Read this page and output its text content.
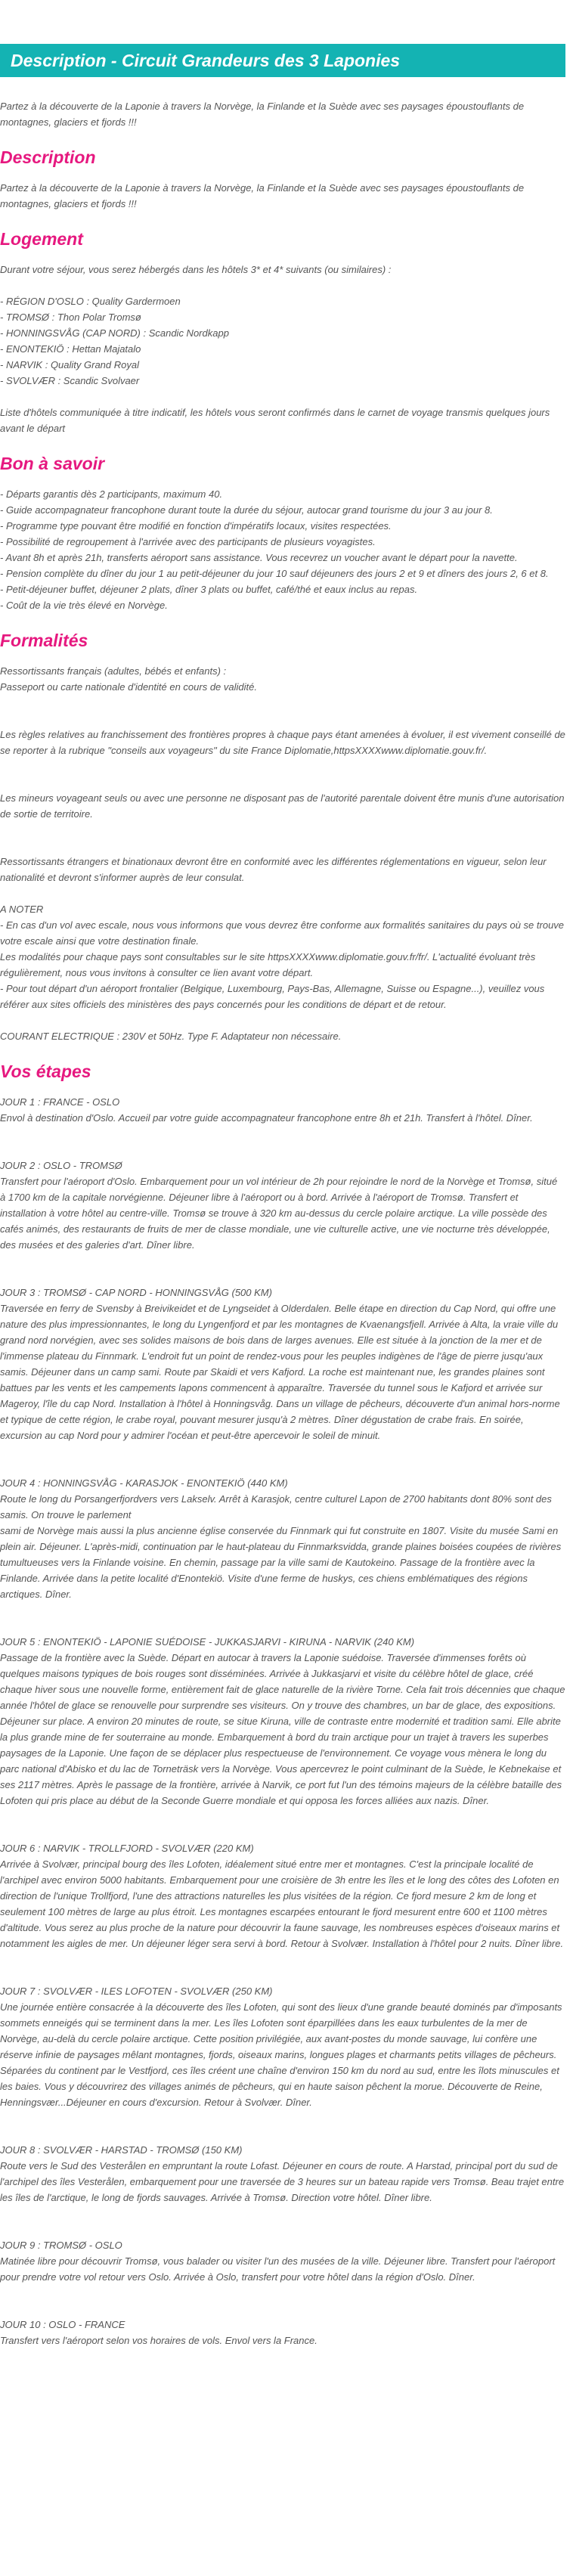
Description - Circuit Grandeurs des 3 Laponies

Partez à la découverte de la Laponie à travers la Norvège, la Finlande et la Suède avec ses paysages époustouflants de montagnes, glaciers et fjords !!!

Description

Partez à la découverte de la Laponie à travers la Norvège, la Finlande et la Suède avec ses paysages époustouflants de montagnes, glaciers et fjords !!!

Logement

Durant votre séjour, vous serez hébergés dans les hôtels 3* et 4* suivants (ou similaires) :

- RÉGION D'OSLO : Quality Gardermoen
- TROMSØ : Thon Polar Tromsø
- HONNINGSVÅG (CAP NORD) : Scandic Nordkapp
- ENONTEKIÖ : Hettan Majatalo
- NARVIK : Quality Grand Royal
- SVOLVÆR : Scandic Svolvaer

Liste d'hôtels communiquée à titre indicatif, les hôtels vous seront confirmés dans le carnet de voyage transmis quelques jours avant le départ

Bon à savoir
- Départs garantis dès 2 participants, maximum 40.
- Guide accompagnateur francophone durant toute la durée du séjour, autocar grand tourisme du jour 3 au jour 8.
- Programme type pouvant être modifié en fonction d'impératifs locaux, visites respectées.
- Possibilité de regroupement à l'arrivée avec des participants de plusieurs voyagistes.
- Avant 8h et après 21h, transferts aéroport sans assistance. Vous recevrez un voucher avant le départ pour la navette.
- Pension complète du dîner du jour 1 au petit-déjeuner du jour 10 sauf déjeuners des jours 2 et 9 et dîners des jours 2, 6 et 8.
- Petit-déjeuner buffet, déjeuner 2 plats, dîner 3 plats ou buffet, café/thé et eaux inclus au repas.
- Coût de la vie très élevé en Norvège.
Formalités

Ressortissants français (adultes, bébés et enfants) :

Passeport ou carte nationale d'identité en cours de validité.

Les règles relatives au franchissement des frontières propres à chaque pays étant amenées à évoluer, il est vivement conseillé de se reporter à la rubrique "conseils aux voyageurs" du site France Diplomatie,httpsXXXXwww.diplomatie.gouv.fr/.

Les mineurs voyageant seuls ou avec une personne ne disposant pas de l'autorité parentale doivent être munis d'une autorisation de sortie de territoire.

Ressortissants étrangers et binationaux devront être en conformité avec les différentes réglementations en vigueur, selon leur nationalité et devront s'informer auprès de leur consulat.

A NOTER

- En cas d'un vol avec escale, nous vous informons que vous devrez être conforme aux formalités sanitaires du pays où se trouve votre escale ainsi que votre destination finale.

Les modalités pour chaque pays sont consultables sur le site httpsXXXXwww.diplomatie.gouv.fr/fr/. L'actualité évoluant très régulièrement, nous vous invitons à consulter ce lien avant votre départ.

- Pour tout départ d'un aéroport frontalier (Belgique, Luxembourg, Pays-Bas, Allemagne, Suisse ou Espagne...), veuillez vous référer aux sites officiels des ministères des pays concernés pour les conditions de départ et de retour.

COURANT ELECTRIQUE : 230V et 50Hz. Type F. Adaptateur non nécessaire.

Vos étapes
JOUR 1 : FRANCE - OSLO

Envol à destination d'Oslo. Accueil par votre guide accompagnateur francophone entre 8h et 21h. Transfert à l'hôtel. Dîner.

JOUR 2 : OSLO - TROMSØ

Transfert pour l'aéroport d'Oslo. Embarquement pour un vol intérieur de 2h pour rejoindre le nord de la Norvège et Tromsø, situé à 1700 km de la capitale norvégienne. Déjeuner libre à l'aéroport ou à bord. Arrivée à l'aéroport de Tromsø. Transfert et installation à votre hôtel au centre-ville. Tromsø se trouve à 320 km au-dessus du cercle polaire arctique. La ville possède des cafés animés, des restaurants de fruits de mer de classe mondiale, une vie culturelle active, une vie nocturne très développée, des musées et des galeries d'art. Dîner libre.

JOUR 3 : TROMSØ - CAP NORD - HONNINGSVÅG (500 KM)

Traversée en ferry de Svensby à Breivikeidet et de Lyngseidet à Olderdalen. Belle étape en direction du Cap Nord, qui offre une nature des plus impressionnantes, le long du Lyngenfjord et par les montagnes de Kvaenangsfjell. Arrivée à Alta, la vraie ville du grand nord norvégien, avec ses solides maisons de bois dans de larges avenues. Elle est située à la jonction de la mer et de l'immense plateau du Finnmark. L'endroit fut un point de rendez-vous pour les peuples indigènes de l'âge de pierre jusqu'aux samis. Déjeuner dans un camp sami. Route par Skaidi et vers Kafjord. La roche est maintenant nue, les grandes plaines sont battues par les vents et les campements lapons commencent à apparaître. Traversée du tunnel sous le Kafjord et arrivée sur Mageroy, l'île du cap Nord. Installation à l'hôtel à Honningsvåg. Dans un village de pêcheurs, découverte d'un animal hors-norme et typique de cette région, le crabe royal, pouvant mesurer jusqu'à 2 mètres. Dîner dégustation de crabe frais. En soirée, excursion au cap Nord pour y admirer l'océan et peut-être apercevoir le soleil de minuit.

JOUR 4 : HONNINGSVÅG - KARASJOK - ENONTEKIÖ (440 KM)

Route le long du Porsangerfjordvers vers Lakselv. Arrêt à Karasjok, centre culturel Lapon de 2700 habitants dont 80% sont des samis. On trouve le parlement
sami de Norvège mais aussi la plus ancienne église conservée du Finnmark qui fut construite en 1807. Visite du musée Sami en plein air. Déjeuner. L'après-midi, continuation par le haut-plateau du Finnmarksvidda, grande plaines boisées coupées de rivières tumultueuses vers la Finlande voisine. En chemin, passage par la ville sami de Kautokeino. Passage de la frontière avec la Finlande. Arrivée dans la petite localité d'Enontekiö. Visite d'une ferme de huskys, ces chiens emblématiques des régions arctiques. Dîner.

JOUR 5 : ENONTEKIÖ - LAPONIE SUÉDOISE - JUKKASJARVI - KIRUNA - NARVIK (240 KM)

Passage de la frontière avec la Suède. Départ en autocar à travers la Laponie suédoise. Traversée d'immenses forêts où quelques maisons typiques de bois rouges sont disséminées. Arrivée à Jukkasjarvi et visite du célèbre hôtel de glace, créé chaque hiver sous une nouvelle forme, entièrement fait de glace naturelle de la rivière Torne. Cela fait trois décennies que chaque année l'hôtel de glace se renouvelle pour surprendre ses visiteurs. On y trouve des chambres, un bar de glace, des expositions. Déjeuner sur place. A environ 20 minutes de route, se situe Kiruna, ville de contraste entre modernité et tradition sami. Elle abrite la plus grande mine de fer souterraine au monde. Embarquement à bord du train arctique pour un trajet à travers les superbes paysages de la Laponie. Une façon de se déplacer plus respectueuse de l'environnement. Ce voyage vous mènera le long du parc national d'Abisko et du lac de Torneträsk vers la Norvège. Vous apercevrez le point culminant de la Suède, le Kebnekaise et ses 2117 mètres. Après le passage de la frontière, arrivée à Narvik, ce port fut l'un des témoins majeurs de la célèbre bataille des Lofoten qui pris place au début de la Seconde Guerre mondiale et qui opposa les forces alliées aux nazis. Dîner.

JOUR 6 : NARVIK - TROLLFJORD - SVOLVÆR (220 KM)

Arrivée à Svolvær, principal bourg des îles Lofoten, idéalement situé entre mer et montagnes. C'est la principale localité de l'archipel avec environ 5000 habitants. Embarquement pour une croisière de 3h entre les îles et le long des côtes des Lofoten en direction de l'unique Trollfjord, l'une des attractions naturelles les plus visitées de la région. Ce fjord mesure 2 km de long et seulement 100 mètres de large au plus étroit. Les montagnes escarpées entourant le fjord mesurent entre 600 et 1100 mètres d'altitude. Vous serez au plus proche de la nature pour découvrir la faune sauvage, les nombreuses espèces d'oiseaux marins et notamment les aigles de mer. Un déjeuner léger sera servi à bord. Retour à Svolvær. Installation à l'hôtel pour 2 nuits. Dîner libre.

JOUR 7 : SVOLVÆR - ILES LOFOTEN - SVOLVÆR (250 KM)

Une journée entière consacrée à la découverte des îles Lofoten, qui sont des lieux d'une grande beauté dominés par d'imposants sommets enneigés qui se terminent dans la mer. Les îles Lofoten sont éparpillées dans les eaux turbulentes de la mer de Norvège, au-delà du cercle polaire arctique. Cette position privilégiée, aux avant-postes du monde sauvage, lui confère une réserve infinie de paysages mêlant montagnes, fjords, oiseaux marins, longues plages et charmants petits villages de pêcheurs. Séparées du continent par le Vestfjord, ces îles créent une chaîne d'environ 150 km du nord au sud, entre les îlots minuscules et les baies. Vous y découvrirez des villages animés de pêcheurs, qui en haute saison pêchent la morue. Découverte de Reine, Henningsvær...Déjeuner en cours d'excursion. Retour à Svolvær. Dîner.

JOUR 8 : SVOLVÆR - HARSTAD - TROMSØ (150 KM)

Route vers le Sud des Vesterålen en empruntant la route Lofast. Déjeuner en cours de route. A Harstad, principal port du sud de l'archipel des îles Vesterålen, embarquement pour une traversée de 3 heures sur un bateau rapide vers Tromsø. Beau trajet entre les îles de l'arctique, le long de fjords sauvages. Arrivée à Tromsø. Direction votre hôtel. Dîner libre.

JOUR 9 : TROMSØ - OSLO

Matinée libre pour découvrir Tromsø, vous balader ou visiter l'un des musées de la ville. Déjeuner libre. Transfert pour l'aéroport pour prendre votre vol retour vers Oslo. Arrivée à Oslo, transfert pour votre hôtel dans la région d'Oslo. Dîner.

JOUR 10 : OSLO - FRANCE

Transfert vers l'aéroport selon vos horaires de vols. Envol vers la France.
